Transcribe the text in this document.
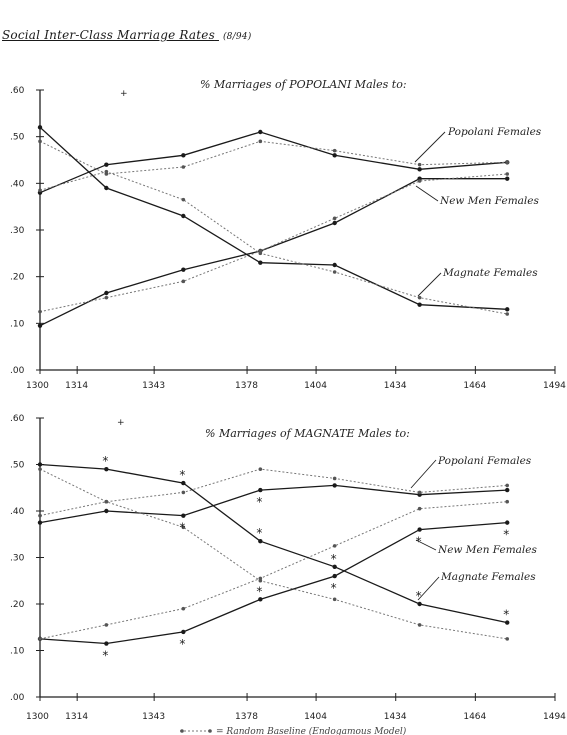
Social Inter-Class Marriage Rates (8/94)
% Marriages of POPOLANI Males to:
.00
.10
.20
.30
.40
.50
.60
1300 1314	1343	1378	1404	1434	1464	1494
Popolani Females
New Men Females
Magnate Females
% Marriages of MAGNATE Males to:
.00
.10
.20
.30
.40
.50
.60
1300 1314	1343	1378	1404	1434	1464	1494
*
*
*
*
*
*
*
*
*
*
*
*
*
*
Popolani Females
New Men Females
Magnate Females
+
+
= Random Baseline (Endogamous Model)
